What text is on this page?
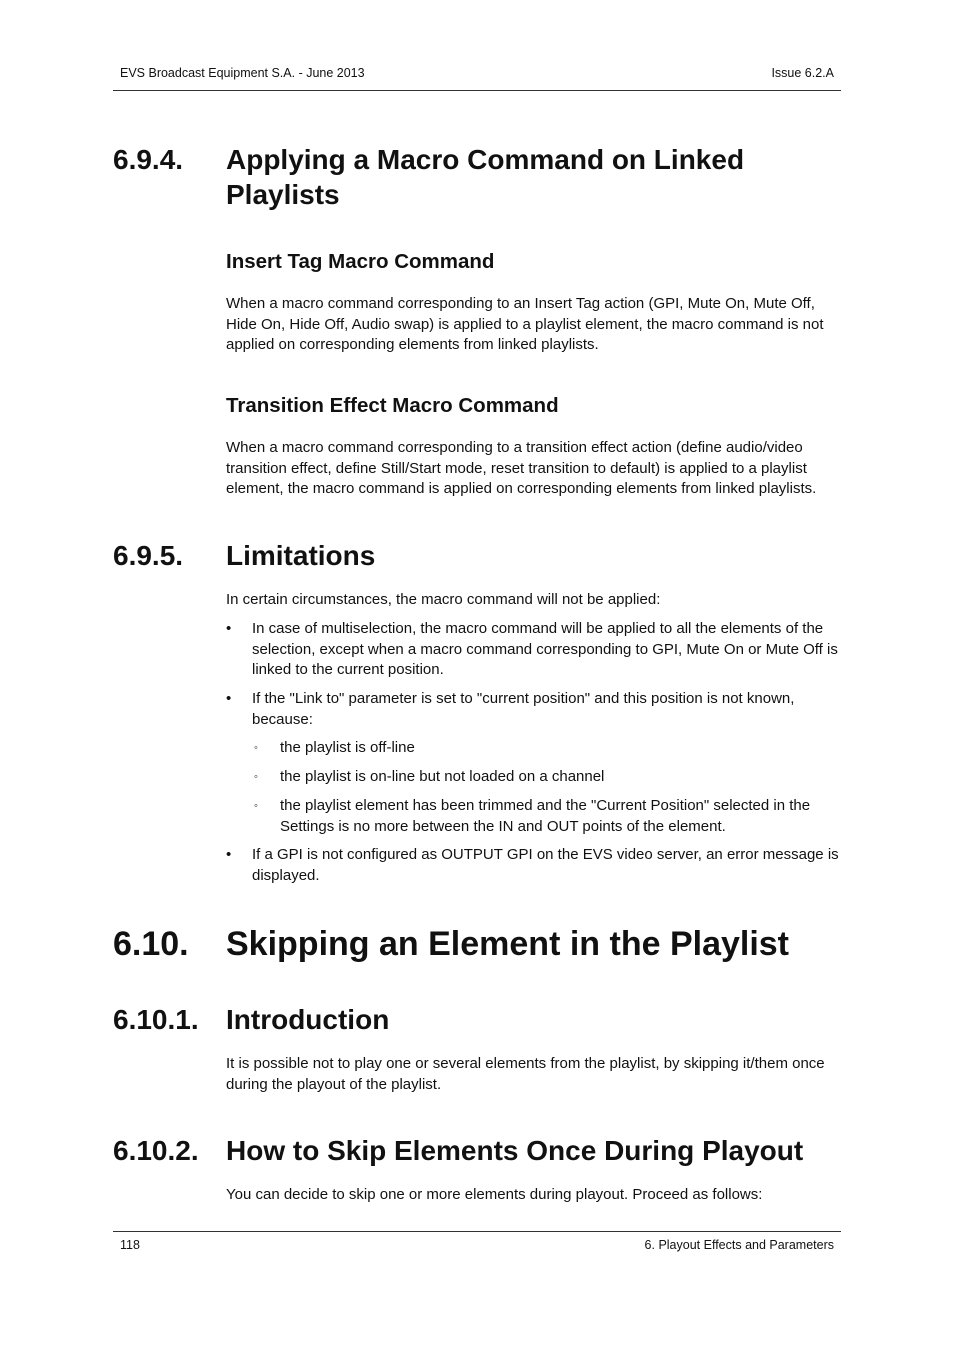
EVS Broadcast Equipment S.A. - June 2013	Issue 6.2.A
6.9.4. Applying a Macro Command on Linked Playlists
Insert Tag Macro Command
When a macro command corresponding to an Insert Tag action (GPI, Mute On, Mute Off, Hide On, Hide Off, Audio swap) is applied to a playlist element, the macro command is not applied on corresponding elements from linked playlists.
Transition Effect Macro Command
When a macro command corresponding to a transition effect action (define audio/video transition effect, define Still/Start mode, reset transition to default) is applied to a playlist element, the macro command is applied on corresponding elements from linked playlists.
6.9.5. Limitations
In certain circumstances, the macro command will not be applied:
•	In case of multiselection, the macro command will be applied to all the elements of the selection, except when a macro command corresponding to GPI, Mute On or Mute Off is linked to the current position.
•	If the "Link to" parameter is set to "current position" and this position is not known, because:
◦ the playlist is off-line
◦ the playlist is on-line but not loaded on a channel
◦ the playlist element has been trimmed and the "Current Position" selected in the Settings is no more between the IN and OUT points of the element.
•	If a GPI is not configured as OUTPUT GPI on the EVS video server, an error message is displayed.
6.10. Skipping an Element in the Playlist
6.10.1. Introduction
It is possible not to play one or several elements from the playlist, by skipping it/them once during the playout of the playlist.
6.10.2. How to Skip Elements Once During Playout
You can decide to skip one or more elements during playout. Proceed as follows:
118	6. Playout Effects and Parameters
